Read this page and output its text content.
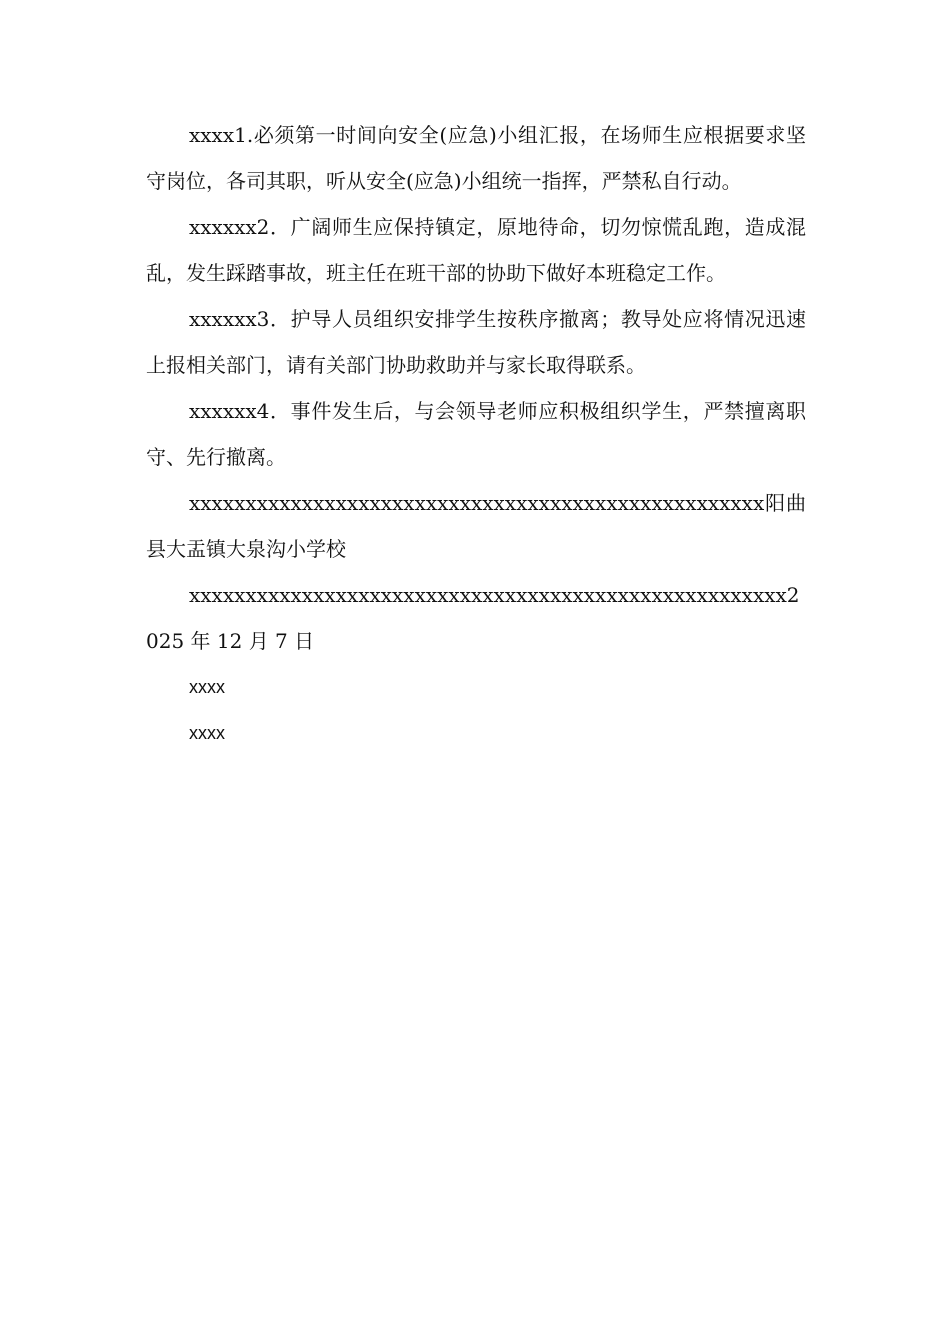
xxxx1.必须第一时间向安全(应急)小组汇报，在场师生应根据要求坚守岗位，各司其职，听从安全(应急)小组统一指挥，严禁私自行动。

xxxxxx2．广阔师生应保持镇定，原地待命，切勿惊慌乱跑，造成混乱，发生踩踏事故，班主任在班干部的协助下做好本班稳定工作。

xxxxxx3．护导人员组织安排学生按秩序撤离；教导处应将情况迅速上报相关部门，请有关部门协助救助并与家长取得联系。

xxxxxx4．事件发生后，与会领导老师应积极组织学生，严禁擅离职守、先行撤离。

xxxxxxxxxxxxxxxxxxxxxxxxxxxxxxxxxxxxxxxxxxxxxxxxxxx阳曲县大盂镇大泉沟小学校

xxxxxxxxxxxxxxxxxxxxxxxxxxxxxxxxxxxxxxxxxxxxxxxxxxxxx2025 年 12 月 7 日

xxxx

xxxx
